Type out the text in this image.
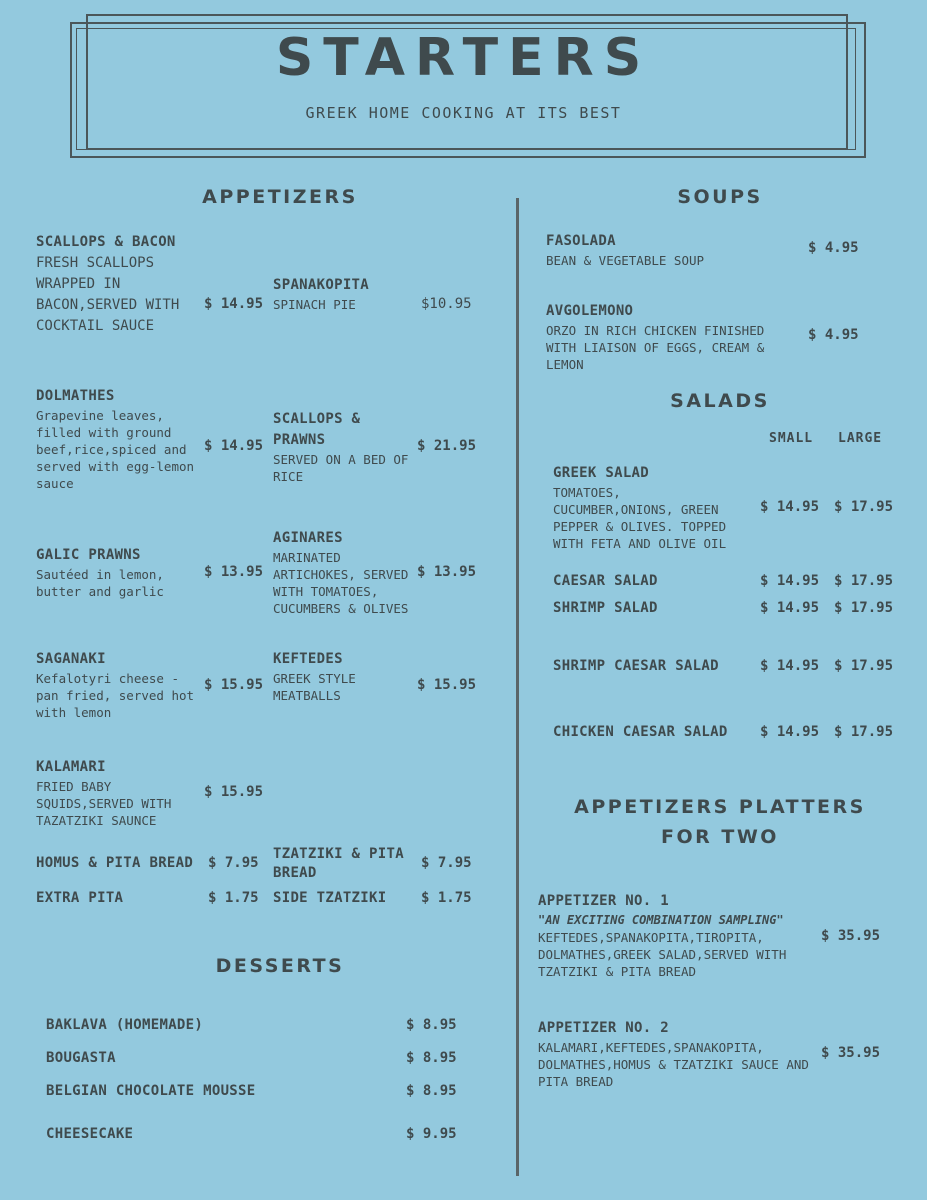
STARTERS
GREEK HOME COOKING AT ITS BEST
APPETIZERS
SCALLOPS & BACON
FRESH SCALLOPS WRAPPED IN BACON,SERVED WITH COCKTAIL SAUCE
$ 14.95
SPANAKOPITA
SPINACH PIE	$10.95
DOLMATHES
Grapevine leaves, filled with ground beef,rice,spiced and served with egg-lemon sauce
$ 14.95
SCALLOPS & PRAWNS
SERVED ON A BED OF RICE
$ 21.95
GALIC PRAWNS
Sautéed in lemon, butter and garlic
$ 13.95
AGINARES
MARINATED ARTICHOKES, SERVED WITH TOMATOES, CUCUMBERS & OLIVES
$ 13.95
SAGANAKI
Kefalotyri cheese - pan fried, served hot with lemon
$ 15.95
KEFTEDES
GREEK STYLE MEATBALLS
$ 15.95
KALAMARI
FRIED BABY SQUIDS,SERVED WITH TAZATZIKI SAUNCE
$ 15.95
HOMUS & PITA BREAD $ 7.95
TZATZIKI & PITA BREAD
$ 7.95
EXTRA PITA	$ 1.75 SIDE TZATZIKI $ 1.75
DESSERTS
BAKLAVA (HOMEMADE)	$ 8.95
BOUGASTA	$ 8.95
BELGIAN CHOCOLATE MOUSSE	$ 8.95
CHEESECAKE	$ 9.95
SOUPS
FASOLADA
BEAN & VEGETABLE SOUP
$ 4.95
AVGOLEMONO
ORZO IN RICH CHICKEN FINISHED WITH LIAISON OF EGGS, CREAM & LEMON
$ 4.95
SALADS
SMALL LARGE
GREEK SALAD
TOMATOES, CUCUMBER,ONIONS, GREEN PEPPER & OLIVES. TOPPED WITH FETA AND OLIVE OIL
$ 14.95 $ 17.95
CAESAR SALAD	$ 14.95 $ 17.95
SHRIMP SALAD	$ 14.95 $ 17.95
SHRIMP CAESAR SALAD	$ 14.95 $ 17.95
CHICKEN CAESAR SALAD $ 14.95 $ 17.95
APPETIZERS PLATTERS
FOR TWO
APPETIZER NO. 1
"AN EXCITING COMBINATION SAMPLING"
KEFTEDES,SPANAKOPITA,TIROPITA, DOLMATHES,GREEK SALAD,SERVED WITH TZATZIKI & PITA BREAD
$ 35.95
APPETIZER NO. 2
KALAMARI,KEFTEDES,SPANAKOPITA, DOLMATHES,HOMUS & TZATZIKI SAUCE AND PITA BREAD
$ 35.95
